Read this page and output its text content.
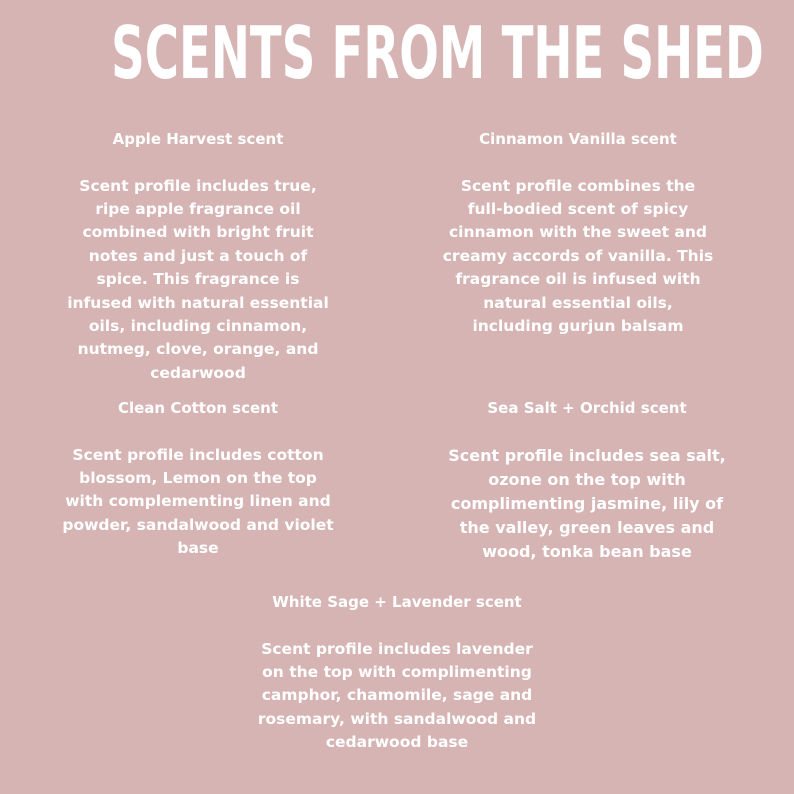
SCENTS FROM THE SHED

Apple Harvest scent

Scent profile includes true, ripe apple fragrance oil combined with bright fruit notes and just a touch of spice. This fragrance is infused with natural essential oils, including cinnamon, nutmeg, clove, orange, and cedarwood

Cinnamon Vanilla scent

Scent profile combines the full-bodied scent of spicy cinnamon with the sweet and creamy accords of vanilla. This fragrance oil is infused with natural essential oils, including gurjun balsam

Clean Cotton scent

Scent profile includes cotton blossom, Lemon on the top with complementing linen and powder, sandalwood and violet base

Sea Salt + Orchid scent

Scent profile includes sea salt, ozone on the top with complimenting jasmine, lily of the valley, green leaves and wood, tonka bean base

White Sage + Lavender scent

Scent profile includes lavender on the top with complimenting camphor, chamomile, sage and rosemary, with sandalwood and cedarwood base
